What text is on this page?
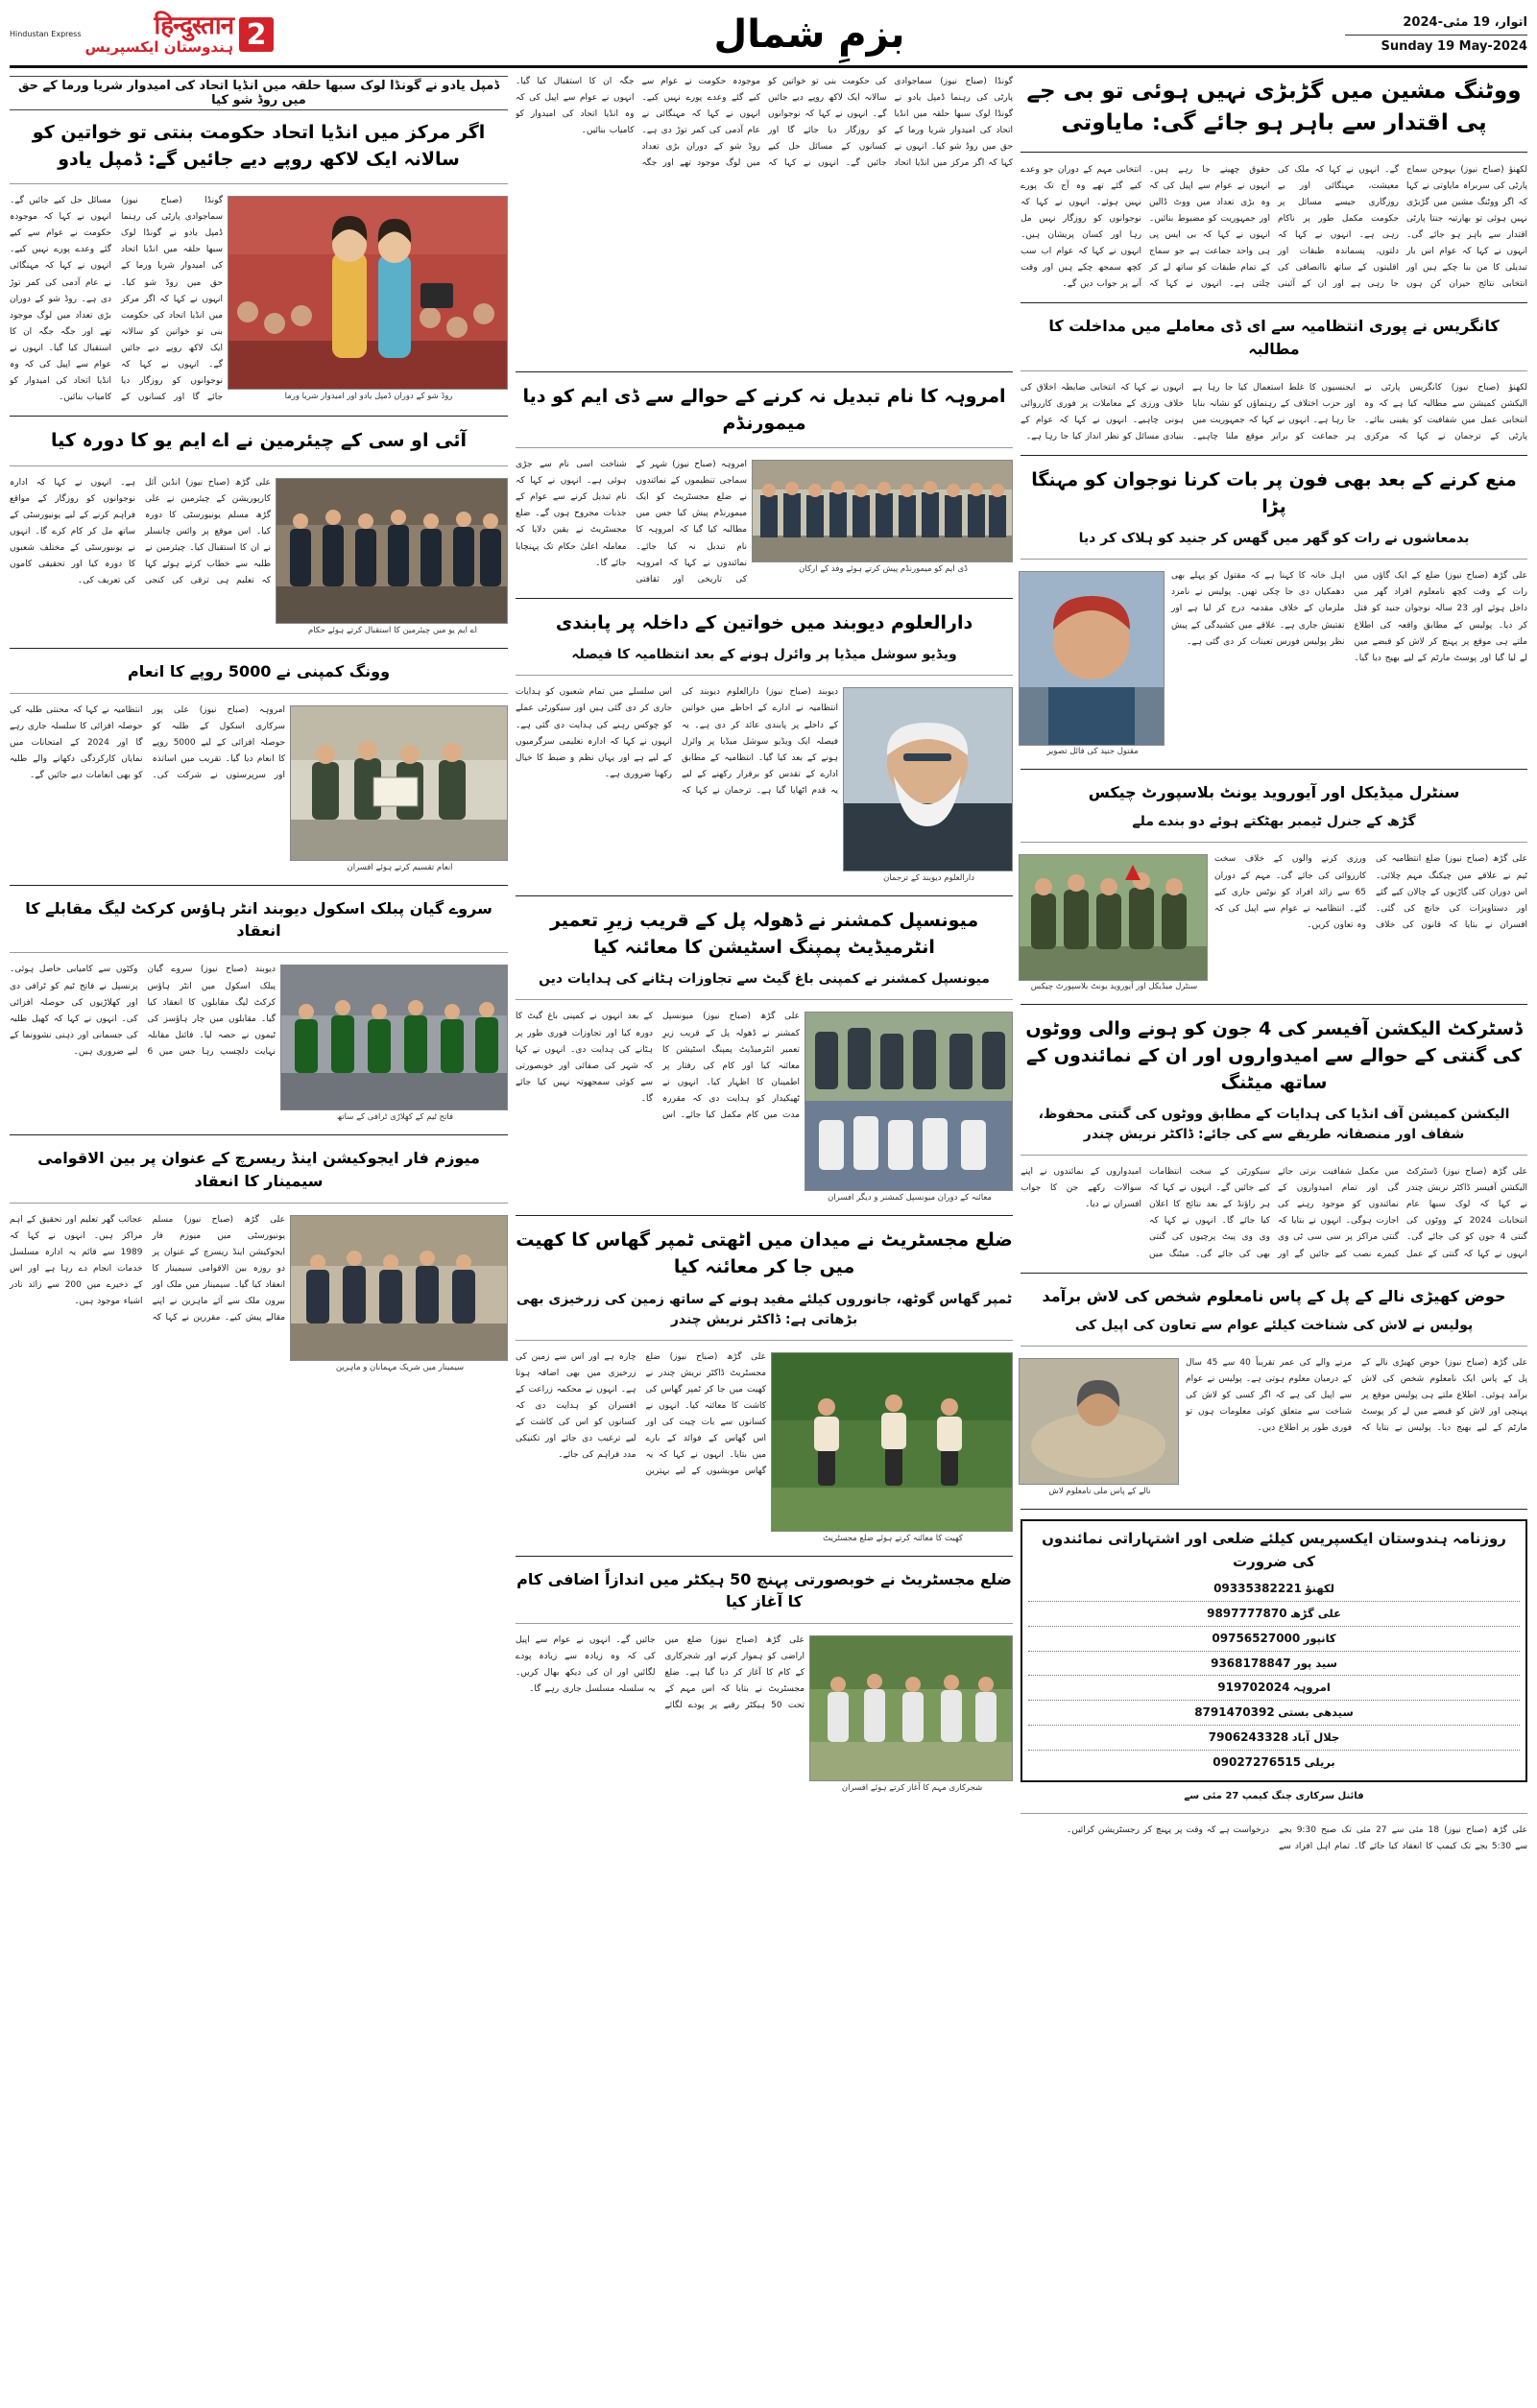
2
हिन्दुस्तान
ہندوستان ایکسپریس
Hindustan Express	بزمِ شمال	اتوار، 19 مئی-2024
Sunday 19 May-2024
ووٹنگ مشین میں گڑبڑی نہیں ہوئی تو بی جے پی اقتدار سے باہر ہو جائے گی: مایاوتی
لکھنؤ (صباح نیوز) بہوجن سماج پارٹی کی سربراہ مایاوتی نے کہا کہ اگر ووٹنگ مشین میں گڑبڑی نہیں ہوئی تو بھارتیہ جنتا پارٹی اقتدار سے باہر ہو جائے گی۔ انہوں نے کہا کہ عوام اس بار تبدیلی کا من بنا چکے ہیں اور انتخابی نتائج حیران کن ہوں گے۔ انہوں نے کہا کہ ملک کی معیشت، مہنگائی اور بے روزگاری جیسے مسائل پر حکومت مکمل طور پر ناکام رہی ہے۔ انہوں نے کہا کہ دلتوں، پسماندہ طبقات اور اقلیتوں کے ساتھ ناانصافی کی جا رہی ہے اور ان کے آئینی حقوق چھینے جا رہے ہیں۔ انہوں نے عوام سے اپیل کی کہ وہ بڑی تعداد میں ووٹ ڈالیں اور جمہوریت کو مضبوط بنائیں۔ انہوں نے کہا کہ بی ایس پی ہی واحد جماعت ہے جو سماج کے تمام طبقات کو ساتھ لے کر چلتی ہے۔ انہوں نے کہا کہ انتخابی مہم کے دوران جو وعدے کیے گئے تھے وہ آج تک پورے نہیں ہوئے۔ انہوں نے کہا کہ نوجوانوں کو روزگار نہیں مل رہا اور کسان پریشان ہیں۔ انہوں نے کہا کہ عوام اب سب کچھ سمجھ چکے ہیں اور وقت آنے پر جواب دیں گے۔
کانگریس نے پوری انتظامیہ سے ای ڈی معاملے میں مداخلت کا مطالبہ
لکھنؤ (صباح نیوز) کانگریس پارٹی نے الیکشن کمیشن سے مطالبہ کیا ہے کہ وہ انتخابی عمل میں شفافیت کو یقینی بنائے۔ پارٹی کے ترجمان نے کہا کہ مرکزی ایجنسیوں کا غلط استعمال کیا جا رہا ہے اور حزب اختلاف کے رہنماؤں کو نشانہ بنایا جا رہا ہے۔ انہوں نے کہا کہ جمہوریت میں ہر جماعت کو برابر موقع ملنا چاہیے۔ انہوں نے کہا کہ انتخابی ضابطہ اخلاق کی خلاف ورزی کے معاملات پر فوری کارروائی ہونی چاہیے۔ انہوں نے کہا کہ عوام کے بنیادی مسائل کو نظر انداز کیا جا رہا ہے۔
منع کرنے کے بعد بھی فون پر بات کرنا نوجوان کو مہنگا پڑا
بدمعاشوں نے رات کو گھر میں گھس کر جنید کو ہلاک کر دیا
علی گڑھ (صباح نیوز) ضلع کے ایک گاؤں میں رات کے وقت کچھ نامعلوم افراد گھر میں داخل ہوئے اور 23 سالہ نوجوان جنید کو قتل کر دیا۔ پولیس کے مطابق واقعہ کی اطلاع ملتے ہی موقع پر پہنچ کر لاش کو قبضے میں لے لیا گیا اور پوسٹ مارٹم کے لیے بھیج دیا گیا۔ اہل خانہ کا کہنا ہے کہ مقتول کو پہلے بھی دھمکیاں دی جا چکی تھیں۔ پولیس نے نامزد ملزمان کے خلاف مقدمہ درج کر لیا ہے اور تفتیش جاری ہے۔ علاقے میں کشیدگی کے پیش نظر پولیس فورس تعینات کر دی گئی ہے۔
مقتول جنید کی فائل تصویر
سنٹرل میڈیکل اور آیوروید یونٹ بلاسپورٹ چیکس
گڑھ کے جنرل ٹیمبر بھٹکتے ہوئے دو بندے ملے
علی گڑھ (صباح نیوز) ضلع انتظامیہ کی ٹیم نے علاقے میں چیکنگ مہم چلائی۔ اس دوران کئی گاڑیوں کے چالان کیے گئے اور دستاویزات کی جانچ کی گئی۔ افسران نے بتایا کہ قانون کی خلاف ورزی کرنے والوں کے خلاف سخت کارروائی کی جائے گی۔ مہم کے دوران 65 سے زائد افراد کو نوٹس جاری کیے گئے۔ انتظامیہ نے عوام سے اپیل کی کہ وہ تعاون کریں۔
سنٹرل میڈیکل اور آیوروید یونٹ بلاسپورٹ چیکس
ڈسٹرکٹ الیکشن آفیسر کی 4 جون کو ہونے والی ووٹوں کی گنتی کے حوالے سے امیدواروں اور ان کے نمائندوں کے ساتھ میٹنگ
الیکشن کمیشن آف انڈیا کی ہدایات کے مطابق ووٹوں کی گنتی محفوظ، شفاف اور منصفانہ طریقے سے کی جائے: ڈاکٹر نریش چندر
علی گڑھ (صباح نیوز) ڈسٹرکٹ الیکشن آفیسر ڈاکٹر نریش چندر نے کہا کہ لوک سبھا عام انتخابات 2024 کے ووٹوں کی گنتی 4 جون کو کی جائے گی۔ انہوں نے کہا کہ گنتی کے عمل میں مکمل شفافیت برتی جائے گی اور تمام امیدواروں کے نمائندوں کو موجود رہنے کی اجازت ہوگی۔ انہوں نے بتایا کہ گنتی مراکز پر سی سی ٹی وی کیمرے نصب کیے جائیں گے اور سیکورٹی کے سخت انتظامات کیے جائیں گے۔ انہوں نے کہا کہ ہر راؤنڈ کے بعد نتائج کا اعلان کیا جائے گا۔ انہوں نے کہا کہ وی وی پیٹ پرچیوں کی گنتی بھی کی جائے گی۔ میٹنگ میں امیدواروں کے نمائندوں نے اپنے سوالات رکھے جن کا جواب افسران نے دیا۔
حوض کھیڑی نالے کے پل کے پاس نامعلوم شخص کی لاش برآمد
پولیس نے لاش کی شناخت کیلئے عوام سے تعاون کی اپیل کی
علی گڑھ (صباح نیوز) حوض کھیڑی نالے کے پل کے پاس ایک نامعلوم شخص کی لاش برآمد ہوئی۔ اطلاع ملتے ہی پولیس موقع پر پہنچی اور لاش کو قبضے میں لے کر پوسٹ مارٹم کے لیے بھیج دیا۔ پولیس نے بتایا کہ مرنے والے کی عمر تقریباً 40 سے 45 سال کے درمیان معلوم ہوتی ہے۔ پولیس نے عوام سے اپیل کی ہے کہ اگر کسی کو لاش کی شناخت سے متعلق کوئی معلومات ہوں تو فوری طور پر اطلاع دیں۔
نالے کے پاس ملی نامعلوم لاش
روزنامہ ہندوستان ایکسپریس کیلئے ضلعی اور اشتہاراتی نمائندوں کی ضرورت
لکھنؤ 09335382221
علی گڑھ 9897777870
کانپور 09756527000
سید پور 9368178847
امروہہ 919702024
سیدھی بستی 8791470392
جلال آباد 7906243328
بریلی 09027276515
فائنل سرکاری چنگ کیمپ 27 مئی سے
علی گڑھ (صباح نیوز) 18 مئی سے 27 مئی تک صبح 9:30 بجے سے 5:30 بجے تک کیمپ کا انعقاد کیا جائے گا۔ تمام اہل افراد سے درخواست ہے کہ وقت پر پہنچ کر رجسٹریشن کرائیں۔
گونڈا (صباح نیوز) سماجوادی پارٹی کی رہنما ڈمپل یادو نے گونڈا لوک سبھا حلقہ میں انڈیا اتحاد کی امیدوار شریا ورما کے حق میں روڈ شو کیا۔ انہوں نے کہا کہ اگر مرکز میں انڈیا اتحاد کی حکومت بنی تو خواتین کو سالانہ ایک لاکھ روپے دیے جائیں گے۔ انہوں نے کہا کہ نوجوانوں کو روزگار دیا جائے گا اور کسانوں کے مسائل حل کیے جائیں گے۔ انہوں نے کہا کہ موجودہ حکومت نے عوام سے کیے گئے وعدے پورے نہیں کیے۔ انہوں نے کہا کہ مہنگائی نے عام آدمی کی کمر توڑ دی ہے۔ روڈ شو کے دوران بڑی تعداد میں لوگ موجود تھے اور جگہ جگہ ان کا استقبال کیا گیا۔ انہوں نے عوام سے اپیل کی کہ وہ انڈیا اتحاد کی امیدوار کو کامیاب بنائیں۔
امروہہ کا نام تبدیل نہ کرنے کے حوالے سے ڈی ایم کو دیا میمورنڈم
ڈی ایم کو میمورنڈم پیش کرتے ہوئے وفد کے ارکان
امروہہ (صباح نیوز) شہر کے سماجی تنظیموں کے نمائندوں نے ضلع مجسٹریٹ کو ایک میمورنڈم پیش کیا جس میں مطالبہ کیا گیا کہ امروہہ کا نام تبدیل نہ کیا جائے۔ نمائندوں نے کہا کہ امروہہ کی تاریخی اور ثقافتی شناخت اسی نام سے جڑی ہوئی ہے۔ انہوں نے کہا کہ نام تبدیل کرنے سے عوام کے جذبات مجروح ہوں گے۔ ضلع مجسٹریٹ نے یقین دلایا کہ معاملہ اعلیٰ حکام تک پہنچایا جائے گا۔
دارالعلوم دیوبند میں خواتین کے داخلہ پر پابندی
ویڈیو سوشل میڈیا پر وائرل ہونے کے بعد انتظامیہ کا فیصلہ
دارالعلوم دیوبند کے ترجمان
دیوبند (صباح نیوز) دارالعلوم دیوبند کی انتظامیہ نے ادارے کے احاطے میں خواتین کے داخلے پر پابندی عائد کر دی ہے۔ یہ فیصلہ ایک ویڈیو سوشل میڈیا پر وائرل ہونے کے بعد کیا گیا۔ انتظامیہ کے مطابق ادارے کے تقدس کو برقرار رکھنے کے لیے یہ قدم اٹھایا گیا ہے۔ ترجمان نے کہا کہ اس سلسلے میں تمام شعبوں کو ہدایات جاری کر دی گئی ہیں اور سیکورٹی عملے کو چوکس رہنے کی ہدایت دی گئی ہے۔ انہوں نے کہا کہ ادارہ تعلیمی سرگرمیوں کے لیے ہے اور یہاں نظم و ضبط کا خیال رکھنا ضروری ہے۔
میونسپل کمشنر نے ڈھولہ پل کے قریب زیرِ تعمیر انٹرمیڈیٹ پمپنگ اسٹیشن کا معائنہ کیا
میونسپل کمشنر نے کمپنی باغ گیٹ سے تجاوزات ہٹانے کی ہدایات دیں
معائنہ کے دوران میونسپل کمشنر و دیگر افسران
علی گڑھ (صباح نیوز) میونسپل کمشنر نے ڈھولہ پل کے قریب زیرِ تعمیر انٹرمیڈیٹ پمپنگ اسٹیشن کا معائنہ کیا اور کام کی رفتار پر اطمینان کا اظہار کیا۔ انہوں نے ٹھیکیدار کو ہدایت دی کہ مقررہ مدت میں کام مکمل کیا جائے۔ اس کے بعد انہوں نے کمپنی باغ گیٹ کا دورہ کیا اور تجاوزات فوری طور پر ہٹانے کی ہدایت دی۔ انہوں نے کہا کہ شہر کی صفائی اور خوبصورتی سے کوئی سمجھوتہ نہیں کیا جائے گا۔
ضلع مجسٹریٹ نے میدان میں اٹھتی ٹمپر گھاس کا کھیت میں جا کر معائنہ کیا
ٹمپر گھاس گوٹھ، جانوروں کیلئے مفید ہونے کے ساتھ زمین کی زرخیزی بھی بڑھاتی ہے: ڈاکٹر نریش چندر
کھیت کا معائنہ کرتے ہوئے ضلع مجسٹریٹ
علی گڑھ (صباح نیوز) ضلع مجسٹریٹ ڈاکٹر نریش چندر نے کھیت میں جا کر ٹمپر گھاس کی کاشت کا معائنہ کیا۔ انہوں نے کسانوں سے بات چیت کی اور اس گھاس کے فوائد کے بارے میں بتایا۔ انہوں نے کہا کہ یہ گھاس مویشیوں کے لیے بہترین چارہ ہے اور اس سے زمین کی زرخیزی میں بھی اضافہ ہوتا ہے۔ انہوں نے محکمہ زراعت کے افسران کو ہدایت دی کہ کسانوں کو اس کی کاشت کے لیے ترغیب دی جائے اور تکنیکی مدد فراہم کی جائے۔
ضلع مجسٹریٹ نے خوبصورتی پہنچ 50 ہیکٹر میں اندازاً اضافی کام کا آغاز کیا
شجرکاری مہم کا آغاز کرتے ہوئے افسران
علی گڑھ (صباح نیوز) ضلع میں اراضی کو ہموار کرنے اور شجرکاری کے کام کا آغاز کر دیا گیا ہے۔ ضلع مجسٹریٹ نے بتایا کہ اس مہم کے تحت 50 ہیکٹر رقبے پر پودے لگائے جائیں گے۔ انہوں نے عوام سے اپیل کی کہ وہ زیادہ سے زیادہ پودے لگائیں اور ان کی دیکھ بھال کریں۔ یہ سلسلہ مسلسل جاری رہے گا۔
ڈمپل یادو نے گونڈا لوک سبھا حلقہ میں انڈیا اتحاد کی امیدوار شریا ورما کے حق میں روڈ شو کیا
اگر مرکز میں انڈیا اتحاد حکومت بنتی تو خواتین کو سالانہ ایک لاکھ روپے دیے جائیں گے: ڈمپل یادو
روڈ شو کے دوران ڈمپل یادو اور امیدوار شریا ورما
گونڈا (صباح نیوز) سماجوادی پارٹی کی رہنما ڈمپل یادو نے گونڈا لوک سبھا حلقہ میں انڈیا اتحاد کی امیدوار شریا ورما کے حق میں روڈ شو کیا۔ انہوں نے کہا کہ اگر مرکز میں انڈیا اتحاد کی حکومت بنی تو خواتین کو سالانہ ایک لاکھ روپے دیے جائیں گے۔ انہوں نے کہا کہ نوجوانوں کو روزگار دیا جائے گا اور کسانوں کے مسائل حل کیے جائیں گے۔ انہوں نے کہا کہ موجودہ حکومت نے عوام سے کیے گئے وعدے پورے نہیں کیے۔ انہوں نے کہا کہ مہنگائی نے عام آدمی کی کمر توڑ دی ہے۔ روڈ شو کے دوران بڑی تعداد میں لوگ موجود تھے اور جگہ جگہ ان کا استقبال کیا گیا۔ انہوں نے عوام سے اپیل کی کہ وہ انڈیا اتحاد کی امیدوار کو کامیاب بنائیں۔
آئی او سی کے چیئرمین نے اے ایم یو کا دورہ کیا
اے ایم یو میں چیئرمین کا استقبال کرتے ہوئے حکام
علی گڑھ (صباح نیوز) انڈین آئل کارپوریشن کے چیئرمین نے علی گڑھ مسلم یونیورسٹی کا دورہ کیا۔ اس موقع پر وائس چانسلر نے ان کا استقبال کیا۔ چیئرمین نے طلبہ سے خطاب کرتے ہوئے کہا کہ تعلیم ہی ترقی کی کنجی ہے۔ انہوں نے کہا کہ ادارہ نوجوانوں کو روزگار کے مواقع فراہم کرنے کے لیے یونیورسٹی کے ساتھ مل کر کام کرے گا۔ انہوں نے یونیورسٹی کے مختلف شعبوں کا دورہ کیا اور تحقیقی کاموں کی تعریف کی۔
وونگ کمپنی نے 5000 روپے کا انعام
انعام تقسیم کرتے ہوئے افسران
امروہہ (صباح نیوز) علی پور سرکاری اسکول کے طلبہ کو حوصلہ افزائی کے لیے 5000 روپے کا انعام دیا گیا۔ تقریب میں اساتذہ اور سرپرستوں نے شرکت کی۔ انتظامیہ نے کہا کہ محنتی طلبہ کی حوصلہ افزائی کا سلسلہ جاری رہے گا اور 2024 کے امتحانات میں نمایاں کارکردگی دکھانے والے طلبہ کو بھی انعامات دیے جائیں گے۔
سروے گیان پبلک اسکول دیوبند انٹر ہاؤس کرکٹ لیگ مقابلے کا انعقاد
فاتح ٹیم کے کھلاڑی ٹرافی کے ساتھ
دیوبند (صباح نیوز) سروے گیان پبلک اسکول میں انٹر ہاؤس کرکٹ لیگ مقابلوں کا انعقاد کیا گیا۔ مقابلوں میں چار ہاؤسز کی ٹیموں نے حصہ لیا۔ فائنل مقابلہ نہایت دلچسپ رہا جس میں 6 وکٹوں سے کامیابی حاصل ہوئی۔ پرنسپل نے فاتح ٹیم کو ٹرافی دی اور کھلاڑیوں کی حوصلہ افزائی کی۔ انہوں نے کہا کہ کھیل طلبہ کی جسمانی اور ذہنی نشوونما کے لیے ضروری ہیں۔
میوزم فار ایجوکیشن اینڈ ریسرچ کے عنوان پر بین الاقوامی سیمینار کا انعقاد
سیمینار میں شریک مہمانان و ماہرین
علی گڑھ (صباح نیوز) مسلم یونیورسٹی میں میوزم فار ایجوکیشن اینڈ ریسرچ کے عنوان پر دو روزہ بین الاقوامی سیمینار کا انعقاد کیا گیا۔ سیمینار میں ملک اور بیرون ملک سے آئے ماہرین نے اپنے مقالے پیش کیے۔ مقررین نے کہا کہ عجائب گھر تعلیم اور تحقیق کے اہم مراکز ہیں۔ انہوں نے کہا کہ 1989 سے قائم یہ ادارہ مسلسل خدمات انجام دے رہا ہے اور اس کے ذخیرے میں 200 سے زائد نادر اشیاء موجود ہیں۔
